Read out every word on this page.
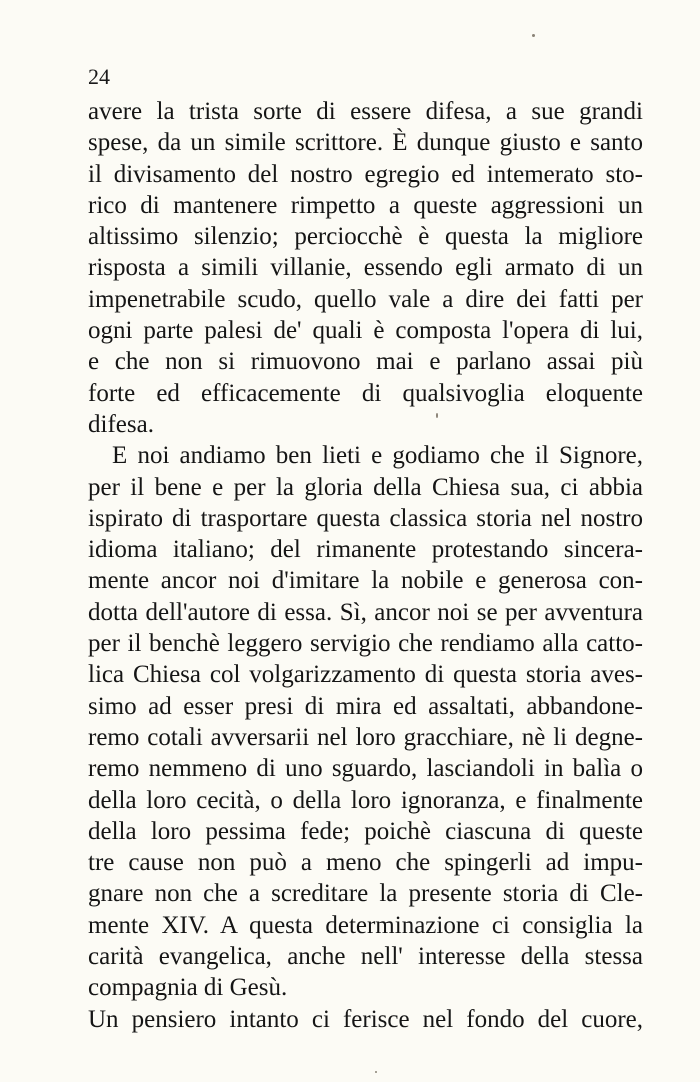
24
avere la trista sorte di essere difesa, a sue grandi
spese, da un simile scrittore. È dunque giusto e santo
il divisamento del nostro egregio ed intemerato sto-
rico di mantenere rimpetto a queste aggressioni un
altissimo silenzio; perciocchè è questa la migliore
risposta a simili villanie, essendo egli armato di un
impenetrabile scudo, quello vale a dire dei fatti per
ogni parte palesi de' quali è composta l'opera di lui,
e che non si rimuovono mai e parlano assai più
forte ed efficacemente di qualsivoglia eloquente
difesa.
E noi andiamo ben lieti e godiamo che il Signore,
per il bene e per la gloria della Chiesa sua, ci abbia
ispirato di trasportare questa classica storia nel nostro
idioma italiano; del rimanente protestando sincera-
mente ancor noi d'imitare la nobile e generosa con-
dotta dell'autore di essa. Sì, ancor noi se per avventura
per il benchè leggero servigio che rendiamo alla catto-
lica Chiesa col volgarizzamento di questa storia aves-
simo ad esser presi di mira ed assaltati, abbandone-
remo cotali avversarii nel loro gracchiare, nè li degne-
remo nemmeno di uno sguardo, lasciandoli in balìa o
della loro cecità, o della loro ignoranza, e finalmente
della loro pessima fede; poichè ciascuna di queste
tre cause non può a meno che spingerli ad impu-
gnare non che a screditare la presente storia di Cle-
mente XIV. A questa determinazione ci consiglia la
carità evangelica, anche nell' interesse della stessa
compagnia di Gesù.
Un pensiero intanto ci ferisce nel fondo del cuore,
